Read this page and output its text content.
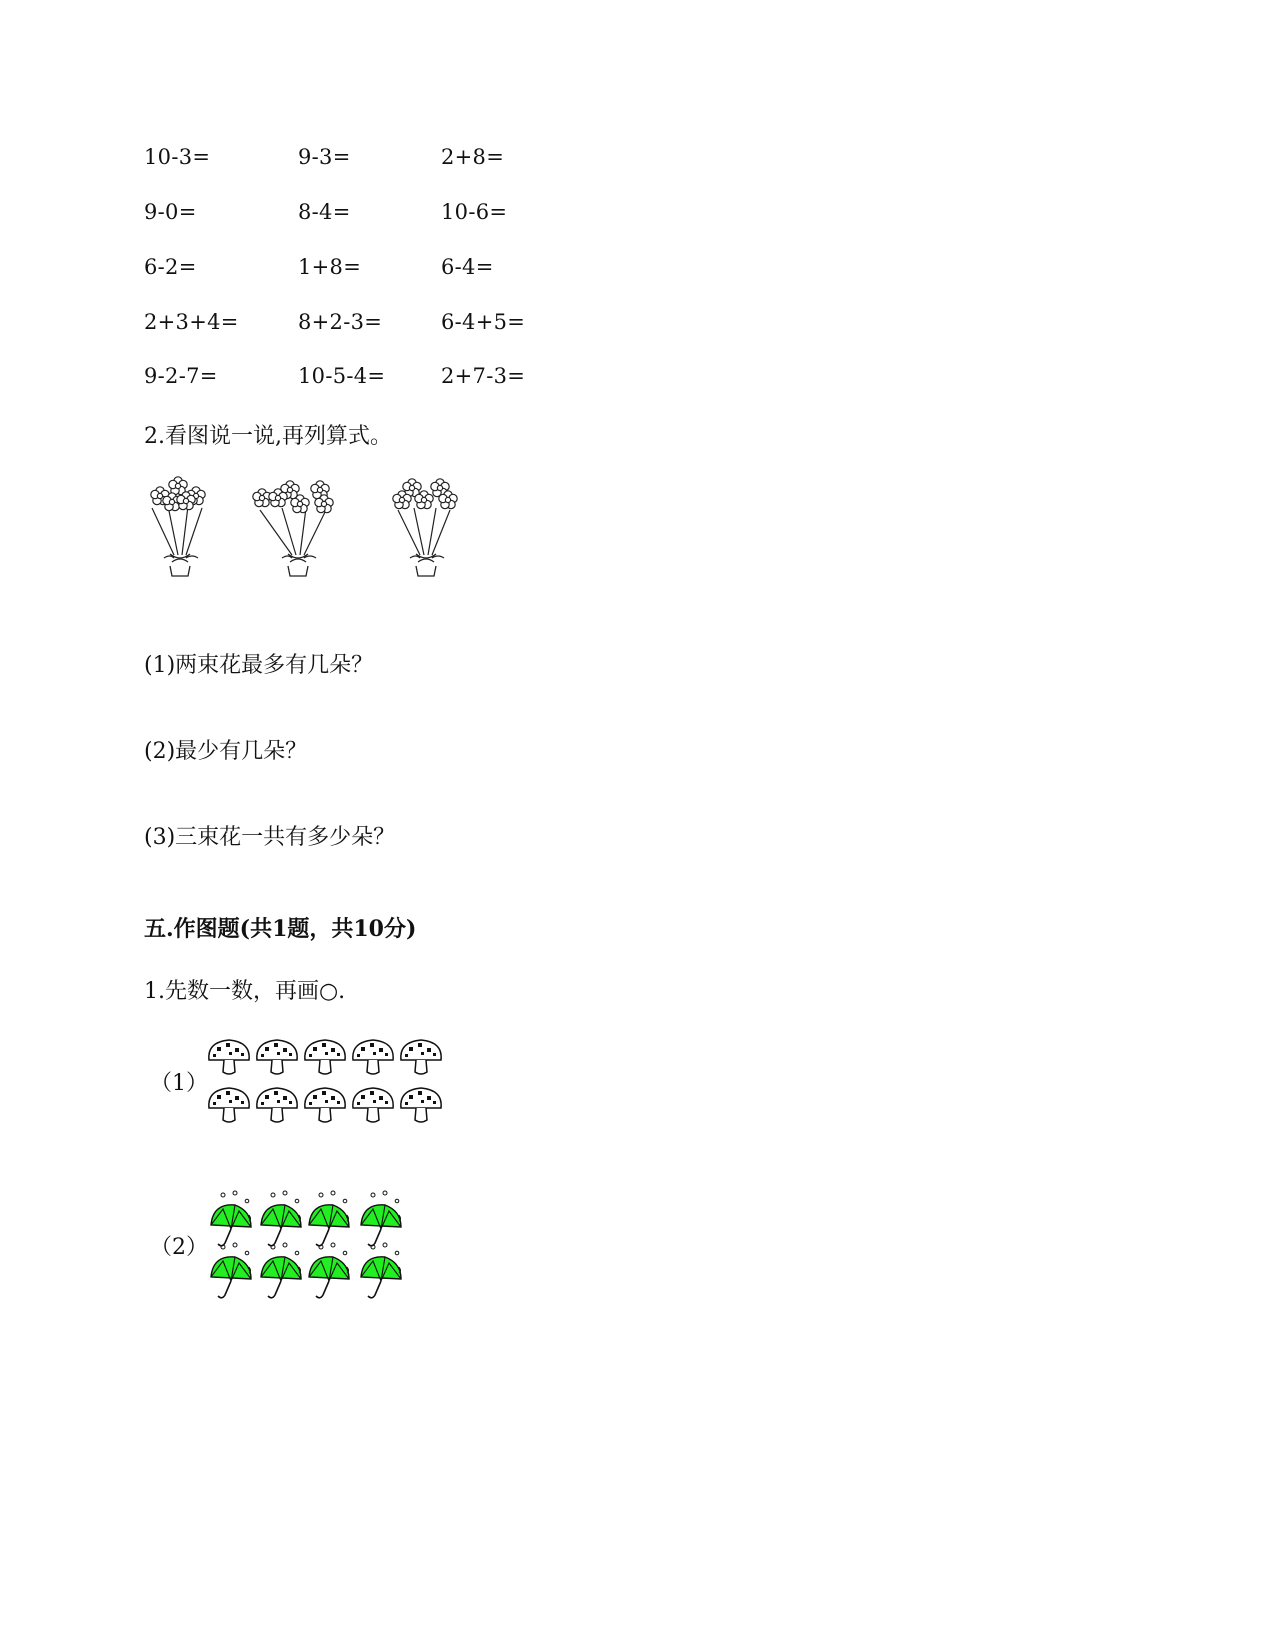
10-3=	9-3=	2+8=
9-0=	8-4=	10-6=
6-2=	1+8=	6-4=
2+3+4=	8+2-3=	6-4+5=
9-2-7=	10-5-4=	2+7-3=
2.看图说一说,再列算式。
(1)两束花最多有几朵？
(2)最少有几朵？
(3)三束花一共有多少朵？
五.作图题(共1题，共10分)
1.先数一数，再画○.
（1）
（2）
